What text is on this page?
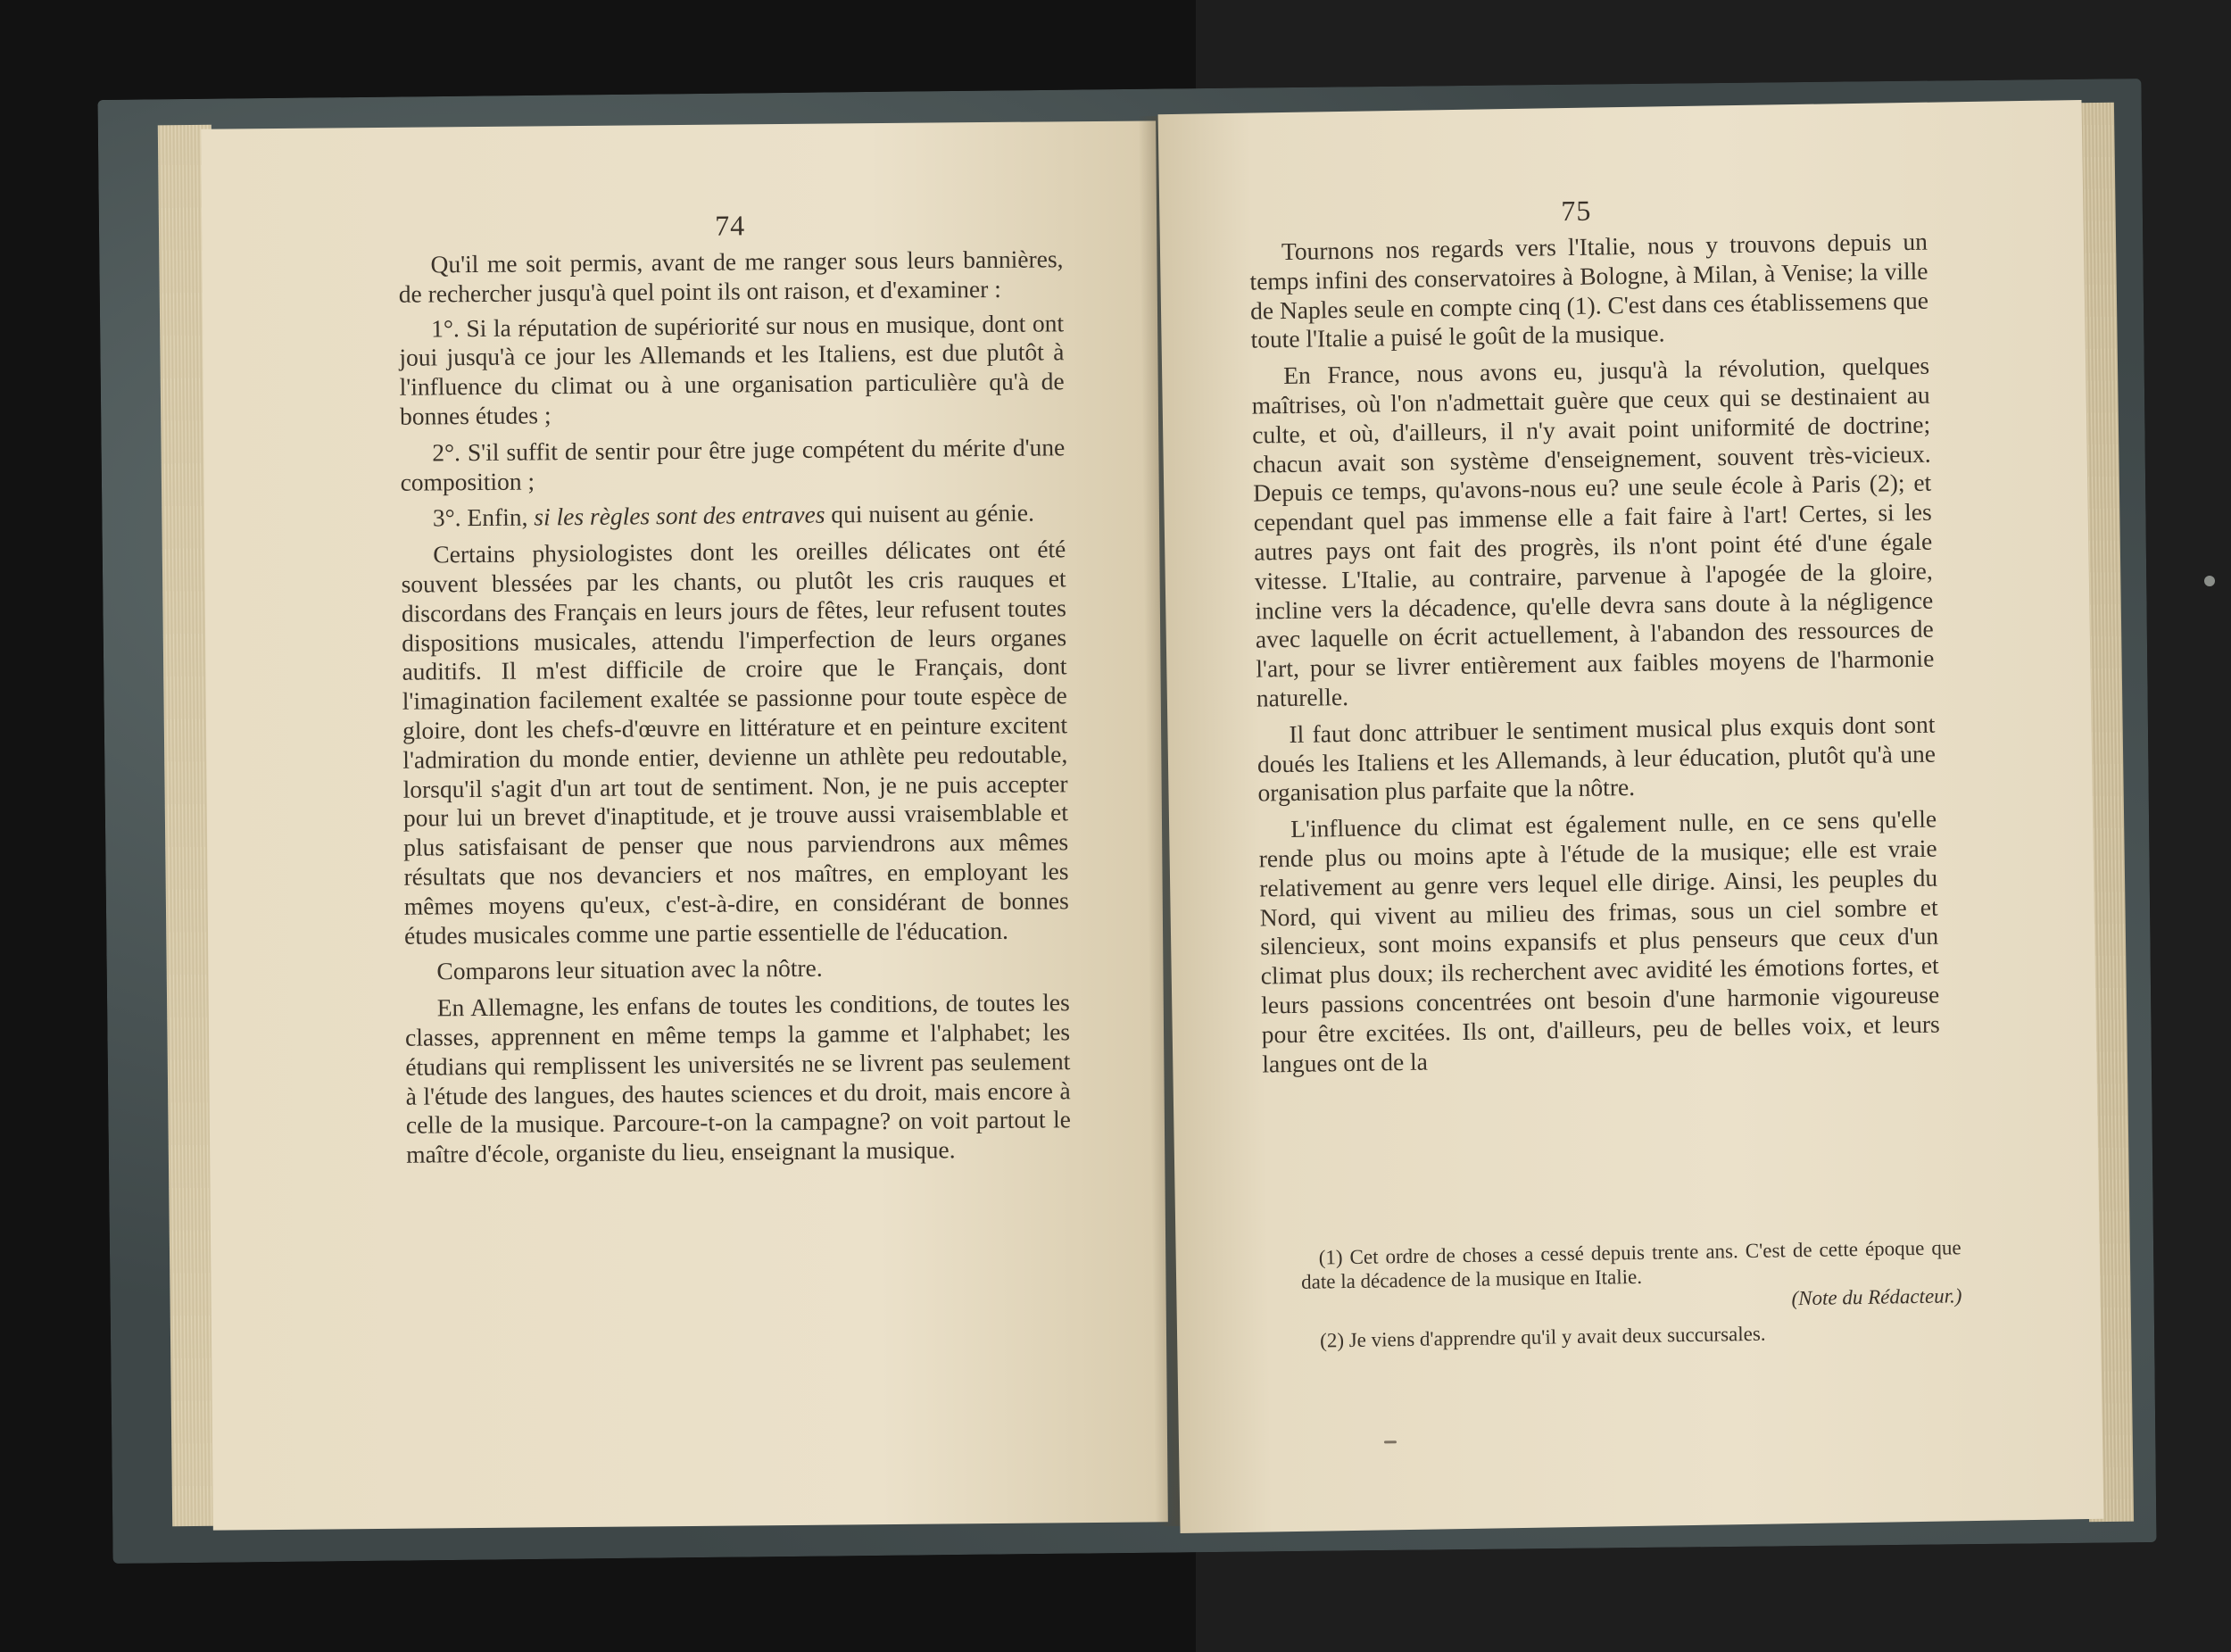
74

Qu'il me soit permis, avant de me ranger sous leurs bannières, de rechercher jusqu'à quel point ils ont raison, et d'examiner :

1°. Si la réputation de supériorité sur nous en musique, dont ont joui jusqu'à ce jour les Allemands et les Italiens, est due plutôt à l'influence du climat ou à une organisation particulière qu'à de bonnes études ;

2°. S'il suffit de sentir pour être juge compétent du mérite d'une composition ;

3°. Enfin, si les règles sont des entraves qui nuisent au génie.

Certains physiologistes dont les oreilles délicates ont été souvent blessées par les chants, ou plutôt les cris rauques et discordans des Français en leurs jours de fêtes, leur refusent toutes dispositions musicales, attendu l'imperfection de leurs organes auditifs. Il m'est difficile de croire que le Français, dont l'imagination facilement exaltée se passionne pour toute espèce de gloire, dont les chefs-d'œuvre en littérature et en peinture excitent l'admiration du monde entier, devienne un athlète peu redoutable, lorsqu'il s'agit d'un art tout de sentiment. Non, je ne puis accepter pour lui un brevet d'inaptitude, et je trouve aussi vraisemblable et plus satisfaisant de penser que nous parviendrons aux mêmes résultats que nos devanciers et nos maîtres, en employant les mêmes moyens qu'eux, c'est-à-dire, en considérant de bonnes études musicales comme une partie essentielle de l'éducation.

Comparons leur situation avec la nôtre.

En Allemagne, les enfans de toutes les conditions, de toutes les classes, apprennent en même temps la gamme et l'alphabet; les étudians qui remplissent les universités ne se livrent pas seulement à l'étude des langues, des hautes sciences et du droit, mais encore à celle de la musique. Parcoure-t-on la campagne? on voit partout le maître d'école, organiste du lieu, enseignant la musique.

75

Tournons nos regards vers l'Italie, nous y trouvons depuis un temps infini des conservatoires à Bologne, à Milan, à Venise; la ville de Naples seule en compte cinq (1). C'est dans ces établissemens que toute l'Italie a puisé le goût de la musique.

En France, nous avons eu, jusqu'à la révolution, quelques maîtrises, où l'on n'admettait guère que ceux qui se destinaient au culte, et où, d'ailleurs, il n'y avait point uniformité de doctrine; chacun avait son système d'enseignement, souvent très-vicieux. Depuis ce temps, qu'avons-nous eu? une seule école à Paris (2); et cependant quel pas immense elle a fait faire à l'art! Certes, si les autres pays ont fait des progrès, ils n'ont point été d'une égale vitesse. L'Italie, au contraire, parvenue à l'apogée de la gloire, incline vers la décadence, qu'elle devra sans doute à la négligence avec laquelle on écrit actuellement, à l'abandon des ressources de l'art, pour se livrer entièrement aux faibles moyens de l'harmonie naturelle.

Il faut donc attribuer le sentiment musical plus exquis dont sont doués les Italiens et les Allemands, à leur éducation, plutôt qu'à une organisation plus parfaite que la nôtre.

L'influence du climat est également nulle, en ce sens qu'elle rende plus ou moins apte à l'étude de la musique; elle est vraie relativement au genre vers lequel elle dirige. Ainsi, les peuples du Nord, qui vivent au milieu des frimas, sous un ciel sombre et silencieux, sont moins expansifs et plus penseurs que ceux d'un climat plus doux; ils recherchent avec avidité les émotions fortes, et leurs passions concentrées ont besoin d'une harmonie vigoureuse pour être excitées. Ils ont, d'ailleurs, peu de belles voix, et leurs langues ont de la

(1) Cet ordre de choses a cessé depuis trente ans. C'est de cette époque que date la décadence de la musique en Italie.
(Note du Rédacteur.)

(2) Je viens d'apprendre qu'il y avait deux succursales.
